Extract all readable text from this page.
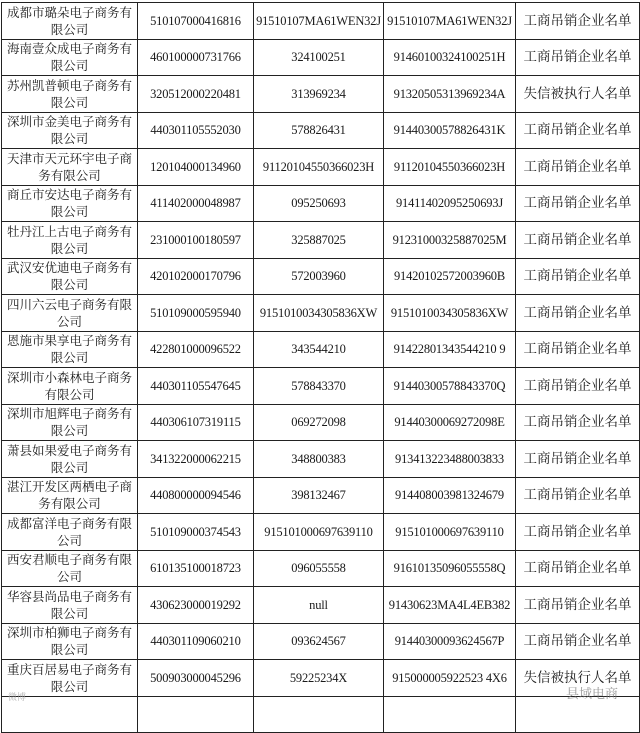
成都市璐朵电子商务有限公司	510107000416816	91510107MA61WEN32J	91510107MA61WEN32J	工商吊销企业名单
海南壹众成电子商务有限公司	460100000731766	324100251	91460100324100251H	工商吊销企业名单
苏州凯普顿电子商务有限公司	320512000220481	313969234	91320505313969234A	失信被执行人名单
深圳市金美电子商务有限公司	440301105552030	578826431	91440300578826431K	工商吊销企业名单
天津市天元环宇电子商务有限公司	120104000134960	91120104550366023H	91120104550366023H	工商吊销企业名单
商丘市安达电子商务有限公司	411402000048987	095250693	91411402095250693J	工商吊销企业名单
牡丹江上古电子商务有限公司	231000100180597	325887025	91231000325887025M	工商吊销企业名单
武汉安优迪电子商务有限公司	420102000170796	572003960	91420102572003960B	工商吊销企业名单
四川六云电子商务有限公司	510109000595940	9151010034305836XW	9151010034305836XW	工商吊销企业名单
恩施市果享电子商务有限公司	422801000096522	343544210	91422801343544210 9	工商吊销企业名单
深圳市小森林电子商务有限公司	440301105547645	578843370	91440300578843370Q	工商吊销企业名单
深圳市旭辉电子商务有限公司	440306107319115	069272098	91440300069272098E	工商吊销企业名单
萧县如果爱电子商务有限公司	341322000062215	348800383	913413223488003833	工商吊销企业名单
湛江开发区两栖电子商务有限公司	440800000094546	398132467	914408003981324679	工商吊销企业名单
成都富洋电子商务有限公司	510109000374543	915101000697639110	915101000697639110	工商吊销企业名单
西安君顺电子商务有限公司	610135100018723	096055558	91610135096055558Q	工商吊销企业名单
华容县尚品电子商务有限公司	430623000019292	null	91430623MA4L4EB382	工商吊销企业名单
深圳市柏狮电子商务有限公司	440301109060210	093624567	91440300093624567P	工商吊销企业名单
重庆百居易电子商务有限公司	500903000045296	59225234X	915000005922523 4X6	失信被执行人名单

县域电商
微博
